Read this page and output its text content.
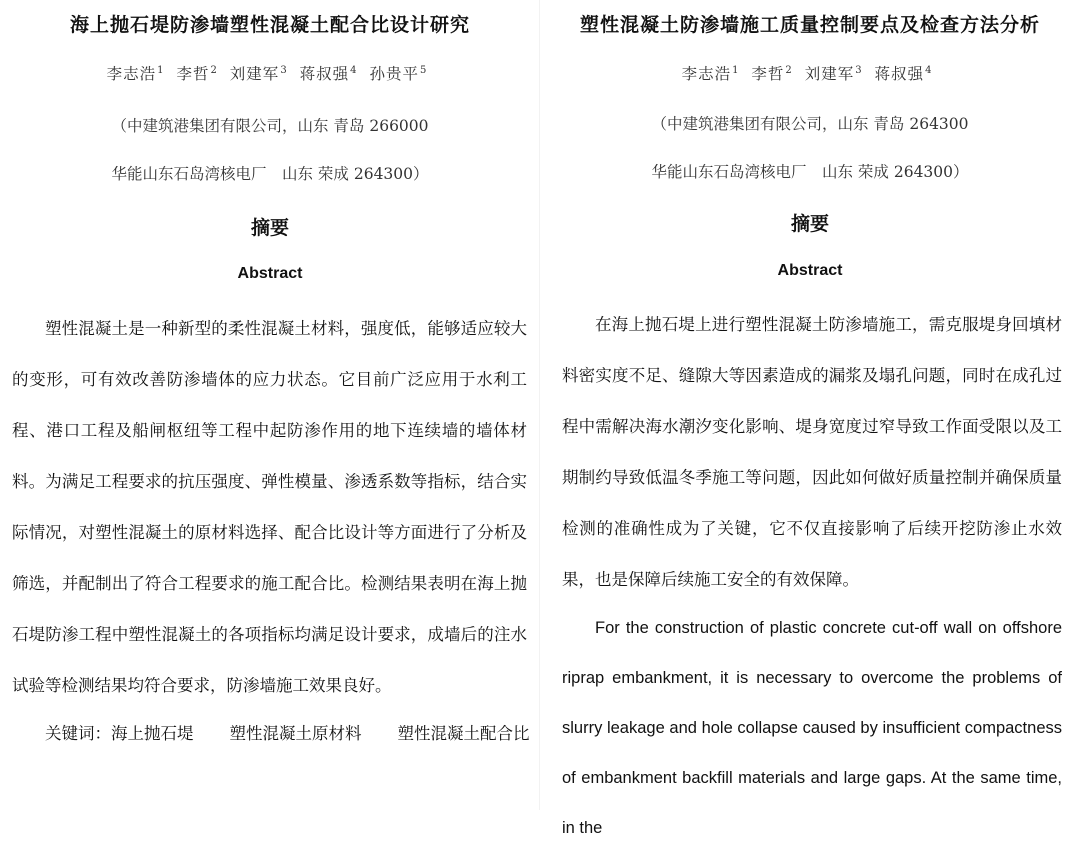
海上抛石堤防渗墙塑性混凝土配合比设计研究
李志浩$^1$ 李哲$^2$ 刘建军$^3$ 蒋叔强$^4$ 孙贵平$^5$
（中建筑港集团有限公司，山东 青岛 266000
华能山东石岛湾核电厂　山东 荣成 264300）
摘要
Abstract
塑性混凝土是一种新型的柔性混凝土材料，强度低，能够适应较大的变形，可有效改善防渗墙体的应力状态。它目前广泛应用于水利工程、港口工程及船闸枢纽等工程中起防渗作用的地下连续墙的墙体材料。为满足工程要求的抗压强度、弹性模量、渗透系数等指标，结合实际情况，对塑性混凝土的原材料选择、配合比设计等方面进行了分析及筛选，并配制出了符合工程要求的施工配合比。检测结果表明在海上抛石堤防渗工程中塑性混凝土的各项指标均满足设计要求，成墙后的注水试验等检测结果均符合要求，防渗墙施工效果良好。
关键词：海上抛石堤 塑性混凝土原材料 塑性混凝土配合比
塑性混凝土防渗墙施工质量控制要点及检查方法分析
李志浩$^1$ 李哲$^2$ 刘建军$^3$ 蒋叔强$^4$
（中建筑港集团有限公司，山东 青岛 264300
华能山东石岛湾核电厂　山东 荣成 264300）
摘要
Abstract
在海上抛石堤上进行塑性混凝土防渗墙施工，需克服堤身回填材料密实度不足、缝隙大等因素造成的漏浆及塌孔问题，同时在成孔过程中需解决海水潮汐变化影响、堤身宽度过窄导致工作面受限以及工期制约导致低温冬季施工等问题，因此如何做好质量控制并确保质量检测的准确性成为了关键，它不仅直接影响了后续开挖防渗止水效果，也是保障后续施工安全的有效保障。
For the construction of plastic concrete cut-off wall on offshore riprap embankment, it is necessary to overcome the problems of slurry leakage and hole collapse caused by insufficient compactness of embankment backfill materials and large gaps. At the same time, in the
